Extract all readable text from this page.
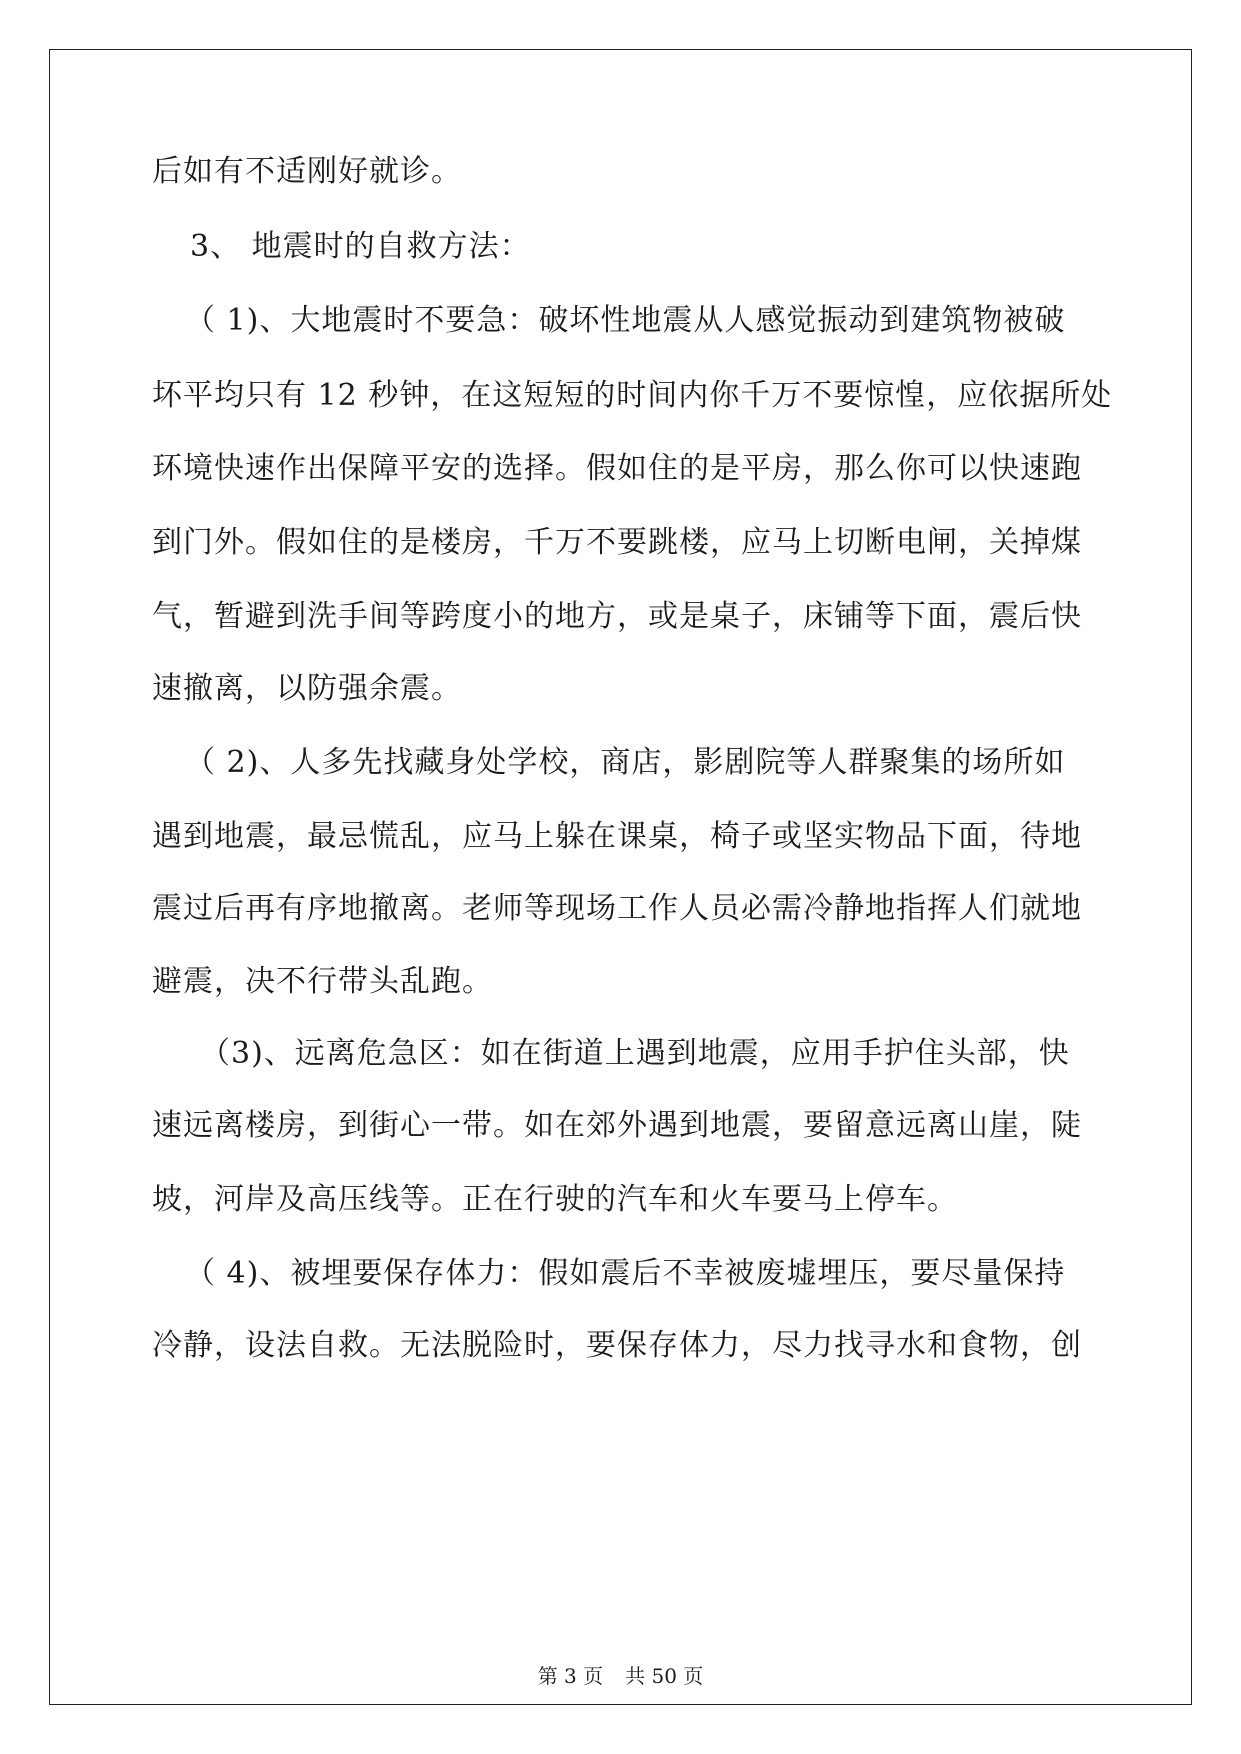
后如有不适刚好就诊。
3、 地震时的自救方法：
（ 1)、大地震时不要急：破坏性地震从人感觉振动到建筑物被破
坏平均只有 12 秒钟，在这短短的时间内你千万不要惊惶，应依据所处
环境快速作出保障平安的选择。假如住的是平房，那么你可以快速跑
到门外。假如住的是楼房，千万不要跳楼，应马上切断电闸，关掉煤
气，暂避到洗手间等跨度小的地方，或是桌子，床铺等下面，震后快
速撤离，以防强余震。
（ 2)、人多先找藏身处学校，商店，影剧院等人群聚集的场所如
遇到地震，最忌慌乱，应马上躲在课桌，椅子或坚实物品下面，待地
震过后再有序地撤离。老师等现场工作人员必需冷静地指挥人们就地
避震，决不行带头乱跑。
（3)、远离危急区：如在街道上遇到地震，应用手护住头部，快
速远离楼房，到街心一带。如在郊外遇到地震，要留意远离山崖，陡
坡，河岸及高压线等。正在行驶的汽车和火车要马上停车。
（ 4)、被埋要保存体力：假如震后不幸被废墟埋压，要尽量保持
冷静，设法自救。无法脱险时，要保存体力，尽力找寻水和食物，创
第 3 页 共 50 页
